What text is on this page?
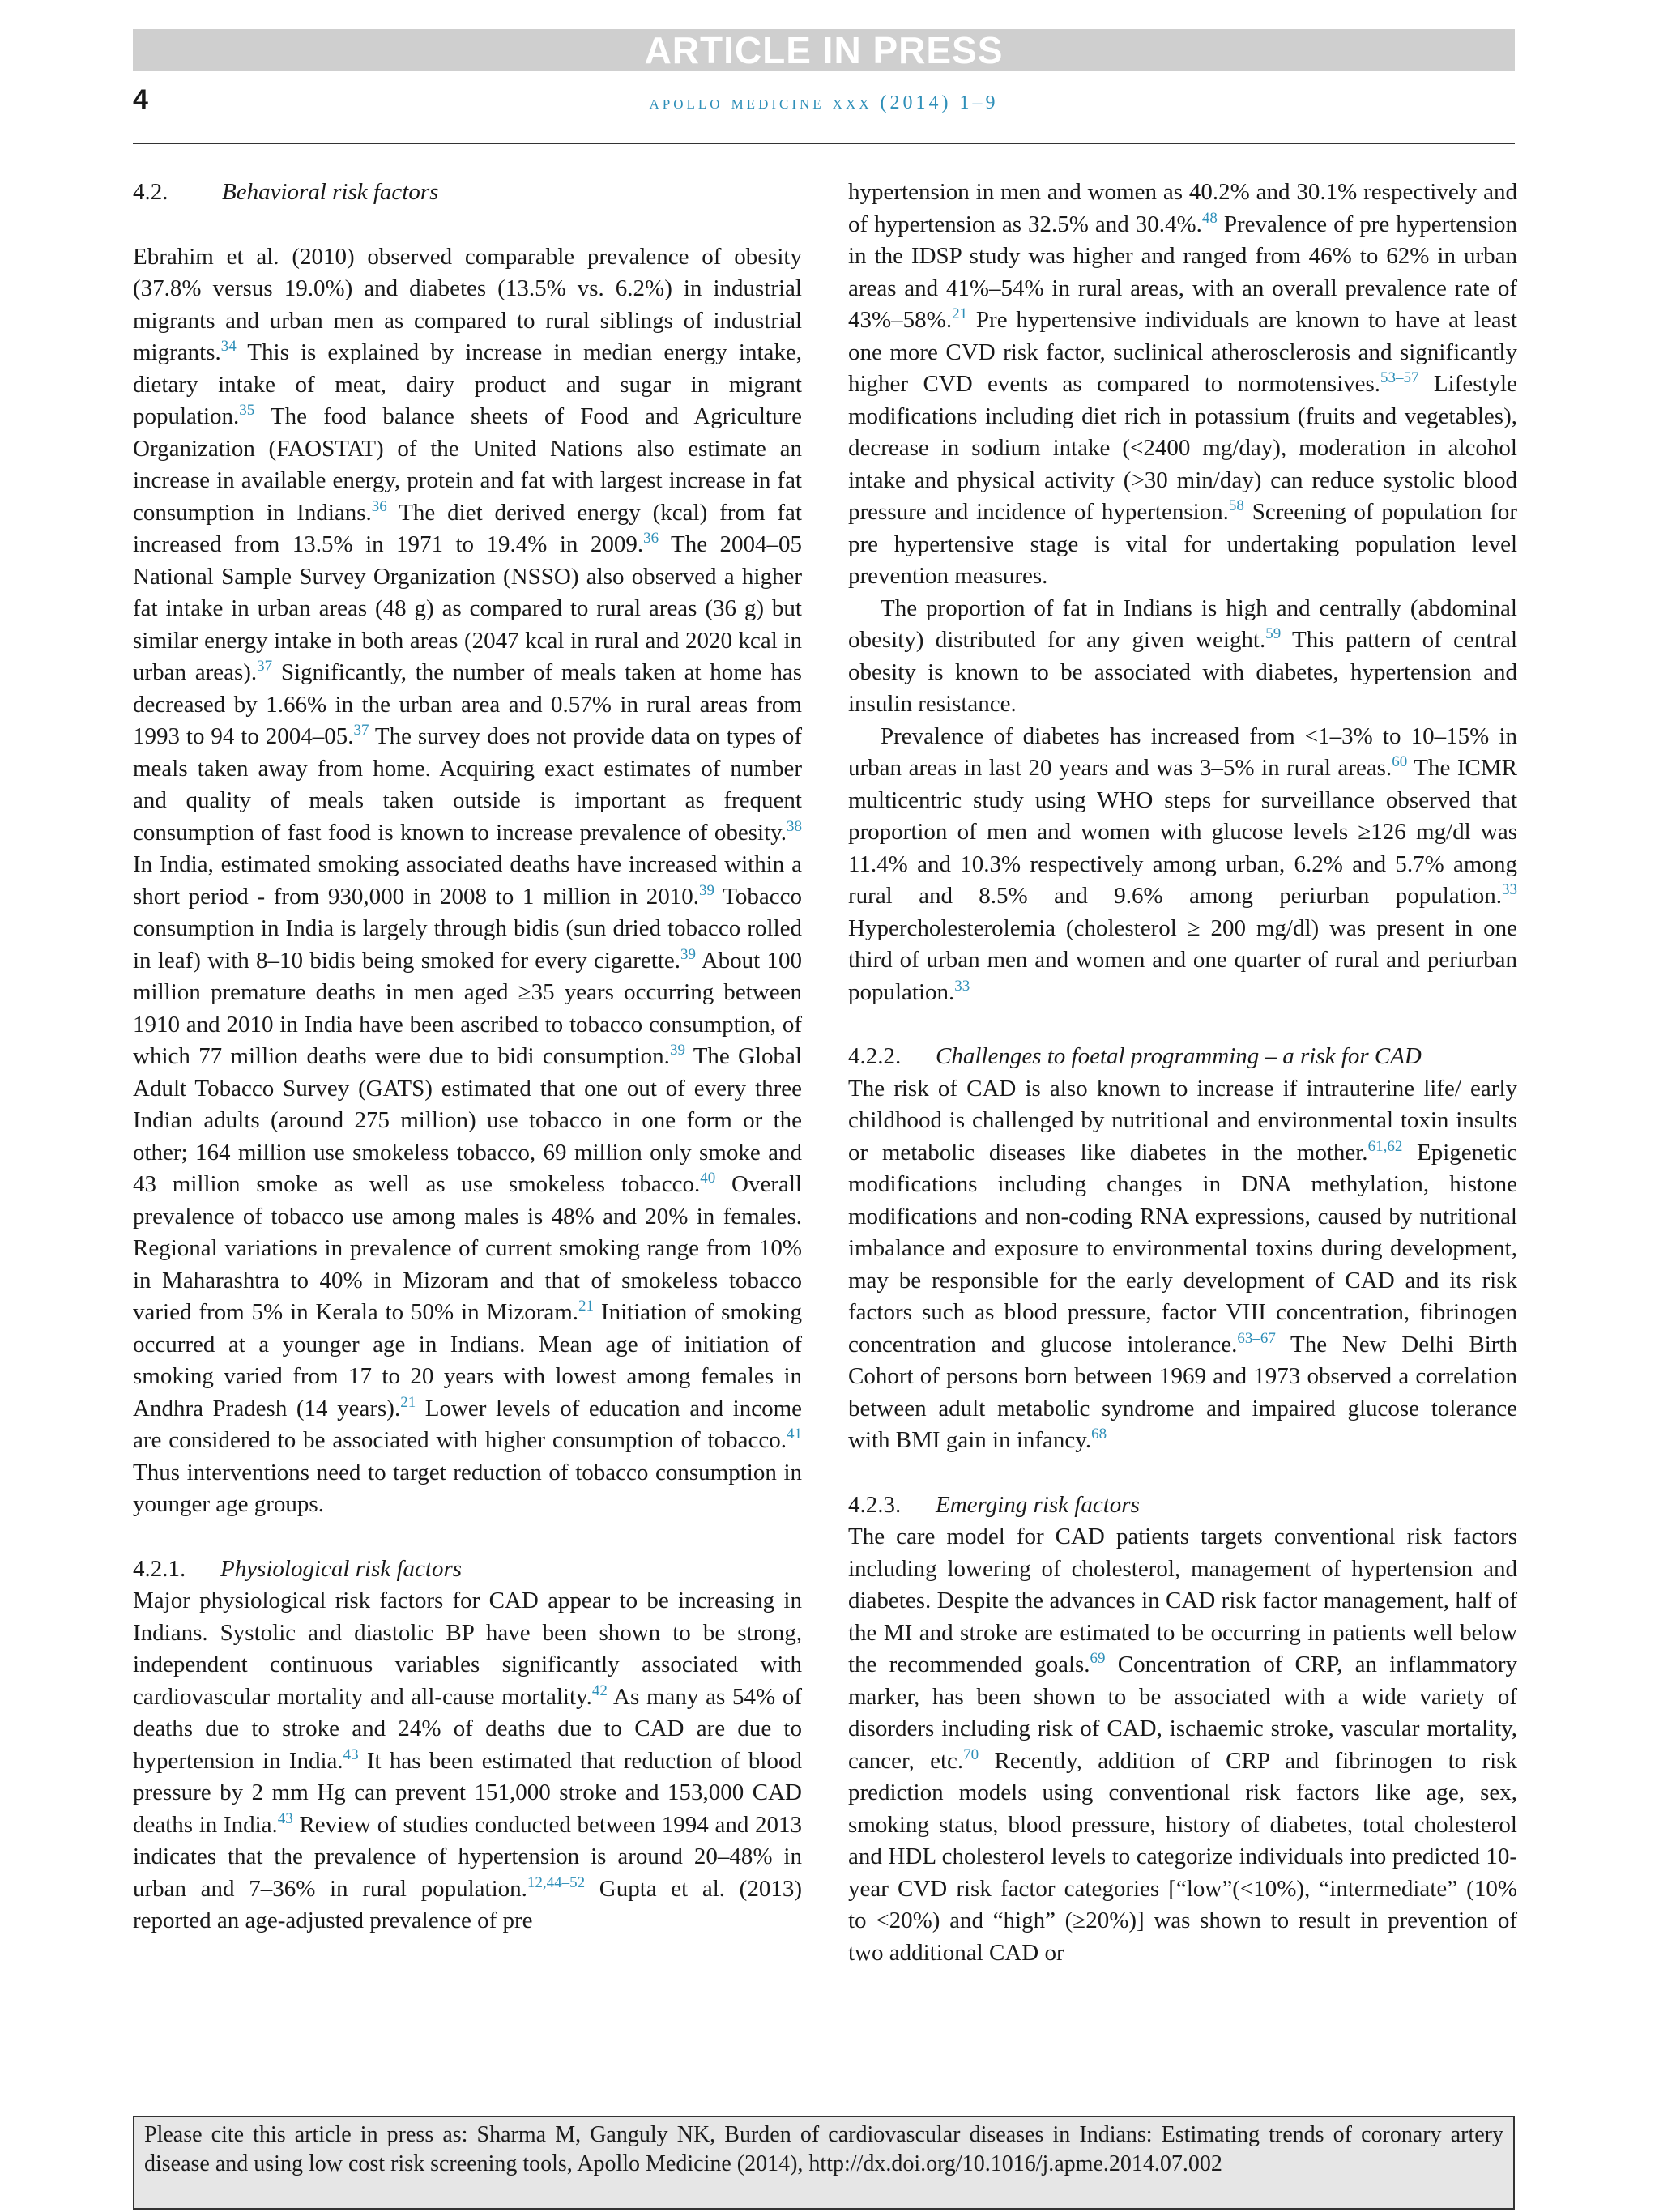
ARTICLE IN PRESS
4	apollo medicine xxx (2014) 1–9

4.2. Behavioral risk factors

Ebrahim et al. (2010) observed comparable prevalence of obesity (37.8% versus 19.0%) and diabetes (13.5% vs. 6.2%) in industrial migrants and urban men as compared to rural siblings of industrial migrants.$^{34}$ This is explained by increase in median energy intake, dietary intake of meat, dairy product and sugar in migrant population.$^{35}$ The food balance sheets of Food and Agriculture Organization (FAOSTAT) of the United Nations also estimate an increase in available energy, protein and fat with largest increase in fat consumption in Indians.$^{36}$ The diet derived energy (kcal) from fat increased from 13.5% in 1971 to 19.4% in 2009.36 The 2004–05 National Sample Survey Organization (NSSO) also observed a higher fat intake in urban areas (48 g) as compared to rural areas (36 g) but similar energy intake in both areas (2047 kcal in rural and 2020 kcal in urban areas).$^{37}$ Significantly, the number of meals taken at home has decreased by 1.66% in the urban area and 0.57% in rural areas from 1993 to 94 to 2004–05.37 The survey does not provide data on types of meals taken away from home. Acquiring exact estimates of number and quality of meals taken outside is important as frequent consumption of fast food is known to increase prevalence of obesity.$^{38}$ In India, estimated smoking associated deaths have increased within a short period - from 930,000 in 2008 to 1 million in 2010.39 Tobacco consumption in India is largely through bidis (sun dried tobacco rolled in leaf) with 8–10 bidis being smoked for every cigarette.$^{39}$ About 100 million premature deaths in men aged ≥35 years occurring between 1910 and 2010 in India have been ascribed to tobacco consumption, of which 77 million deaths were due to bidi consumption.$^{39}$ The Global Adult Tobacco Survey (GATS) estimated that one out of every three Indian adults (around 275 million) use tobacco in one form or the other; 164 million use smokeless tobacco, 69 million only smoke and 43 million smoke as well as use smokeless tobacco.$^{40}$ Overall prevalence of tobacco use among males is 48% and 20% in females. Regional variations in prevalence of current smoking range from 10% in Maharashtra to 40% in Mizoram and that of smokeless tobacco varied from 5% in Kerala to 50% in Mizoram.$^{21}$ Initiation of smoking occurred at a younger age in Indians. Mean age of initiation of smoking varied from 17 to 20 years with lowest among females in Andhra Pradesh (14 years).$^{21}$ Lower levels of education and income are considered to be associated with higher consumption of tobacco.$^{41}$ Thus interventions need to target reduction of tobacco consumption in younger age groups.

4.2.1. Physiological risk factors

Major physiological risk factors for CAD appear to be increasing in Indians. Systolic and diastolic BP have been shown to be strong, independent continuous variables significantly associated with cardiovascular mortality and all-cause mortality.$^{42}$ As many as 54% of deaths due to stroke and 24% of deaths due to CAD are due to hypertension in India.$^{43}$ It has been estimated that reduction of blood pressure by 2 mm Hg can prevent 151,000 stroke and 153,000 CAD deaths in India.$^{43}$ Review of studies conducted between 1994 and 2013 indicates that the prevalence of hypertension is around 20–48% in urban and 7–36% in rural population.$^{12,44-52}$ Gupta et al. (2013) reported an age-adjusted prevalence of pre

hypertension in men and women as 40.2% and 30.1% respectively and of hypertension as 32.5% and 30.4%.$^{48}$ Prevalence of pre hypertension in the IDSP study was higher and ranged from 46% to 62% in urban areas and 41%–54% in rural areas, with an overall prevalence rate of 43%–58%.$^{21}$ Pre hypertensive individuals are known to have at least one more CVD risk factor, suclinical atherosclerosis and significantly higher CVD events as compared to normotensives.$^{53-57}$ Lifestyle modifications including diet rich in potassium (fruits and vegetables), decrease in sodium intake (<2400 mg/day), moderation in alcohol intake and physical activity (>30 min/day) can reduce systolic blood pressure and incidence of hypertension.$^{58}$ Screening of population for pre hypertensive stage is vital for undertaking population level prevention measures.

The proportion of fat in Indians is high and centrally (abdominal obesity) distributed for any given weight.$^{59}$ This pattern of central obesity is known to be associated with diabetes, hypertension and insulin resistance.

Prevalence of diabetes has increased from <1–3% to 10–15% in urban areas in last 20 years and was 3–5% in rural areas.$^{60}$ The ICMR multicentric study using WHO steps for surveillance observed that proportion of men and women with glucose levels ≥126 mg/dl was 11.4% and 10.3% respectively among urban, 6.2% and 5.7% among rural and 8.5% and 9.6% among periurban population.$^{33}$ Hypercholesterolemia (cholesterol ≥ 200 mg/dl) was present in one third of urban men and women and one quarter of rural and periurban population.$^{33}$

4.2.2. Challenges to foetal programming – a risk for CAD

The risk of CAD is also known to increase if intrauterine life/ early childhood is challenged by nutritional and environmental toxin insults or metabolic diseases like diabetes in the mother.$^{61,62}$ Epigenetic modifications including changes in DNA methylation, histone modifications and non-coding RNA expressions, caused by nutritional imbalance and exposure to environmental toxins during development, may be responsible for the early development of CAD and its risk factors such as blood pressure, factor VIII concentration, fibrinogen concentration and glucose intolerance.$^{63-67}$ The New Delhi Birth Cohort of persons born between 1969 and 1973 observed a correlation between adult metabolic syndrome and impaired glucose tolerance with BMI gain in infancy.$^{68}$

4.2.3. Emerging risk factors

The care model for CAD patients targets conventional risk factors including lowering of cholesterol, management of hypertension and diabetes. Despite the advances in CAD risk factor management, half of the MI and stroke are estimated to be occurring in patients well below the recommended goals.$^{69}$ Concentration of CRP, an inflammatory marker, has been shown to be associated with a wide variety of disorders including risk of CAD, ischaemic stroke, vascular mortality, cancer, etc.$^{70}$ Recently, addition of CRP and fibrinogen to risk prediction models using conventional risk factors like age, sex, smoking status, blood pressure, history of diabetes, total cholesterol and HDL cholesterol levels to categorize individuals into predicted 10-year CVD risk factor categories [“low”(<10%), “intermediate” (10% to <20%) and “high” (≥20%)] was shown to result in prevention of two additional CAD or

Please cite this article in press as: Sharma M, Ganguly NK, Burden of cardiovascular diseases in Indians: Estimating trends of coronary artery disease and using low cost risk screening tools, Apollo Medicine (2014), http://dx.doi.org/10.1016/j.apme.2014.07.002
